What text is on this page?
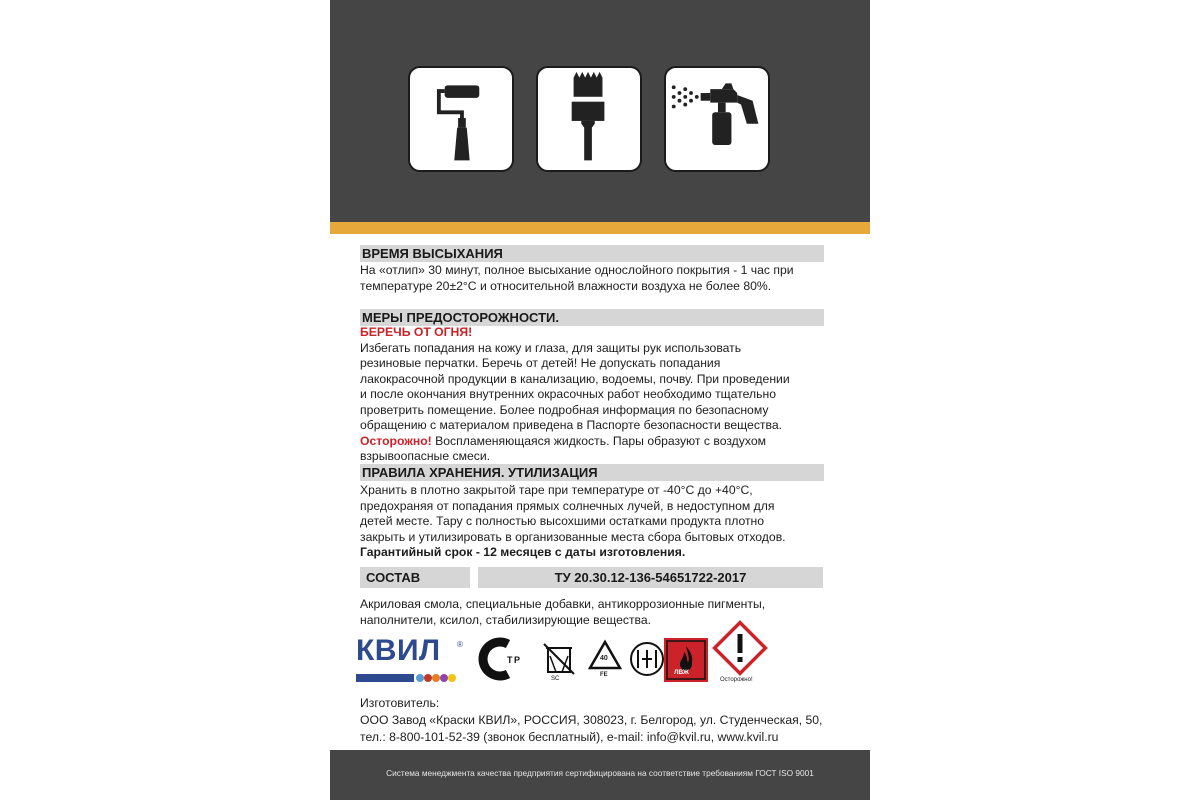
ВРЕМЯ ВЫСЫХАНИЯ
На «отлип» 30 минут, полное высыхание однослойного покрытия - 1 час при
температуре 20±2°С и относительной влажности воздуха не более 80%.
МЕРЫ ПРЕДОСТОРОЖНОСТИ.
БЕРЕЧЬ ОТ ОГНЯ!
Избегать попадания на кожу и глаза, для защиты рук использовать
резиновые перчатки. Беречь от детей! Не допускать попадания
лакокрасочной продукции в канализацию, водоемы, почву. При проведении
и после окончания внутренних окрасочных работ необходимо тщательно
проветрить помещение. Более подробная информация по безопасному
обращению с материалом приведена в Паспорте безопасности вещества.
Осторожно! Воспламеняющаяся жидкость. Пары образуют с воздухом
взрывоопасные смеси.
ПРАВИЛА ХРАНЕНИЯ. УТИЛИЗАЦИЯ
Хранить в плотно закрытой таре при температуре от -40°С до +40°С,
предохраняя от попадания прямых солнечных лучей, в недоступном для
детей месте. Тару с полностью высохшими остатками продукта плотно
закрыть и утилизировать в организованные места сбора бытовых отходов.
Гарантийный срок - 12 месяцев с даты изготовления.
СОСТАВ	ТУ 20.30.12-136-54651722-2017
Акриловая смола, специальные добавки, антикоррозионные пигменты,
наполнители, ксилол, стабилизирующие вещества.
КВИЛ ®
Т Р
SC
40
FE	ЛВЖ
Осторожно!
Изготовитель:
ООО Завод «Краски КВИЛ», РОССИЯ, 308023, г. Белгород, ул. Студенческая, 50,
тел.: 8-800-101-52-39 (звонок бесплатный), e-mail: info@kvil.ru, www.kvil.ru
Система менеджмента качества предприятия сертифицирована на соответствие требованиям ГОСТ ISO 9001
